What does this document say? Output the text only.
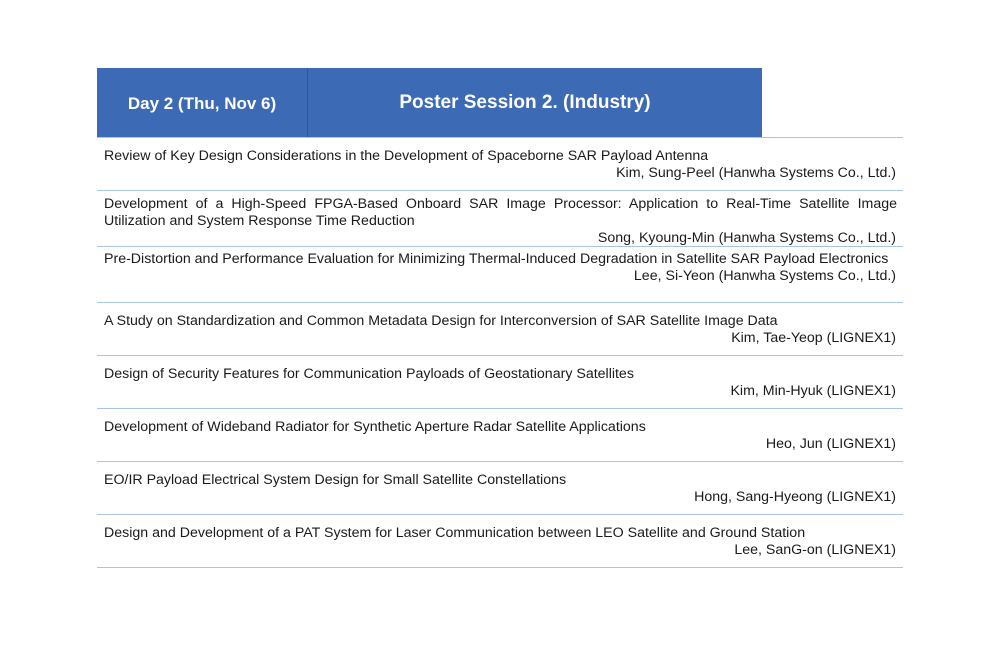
Day 2 (Thu, Nov 6)	Poster Session 2. (Industry)
Review of Key Design Considerations in the Development of Spaceborne SAR Payload Antenna
Kim, Sung-Peel (Hanwha Systems Co., Ltd.)
Development of a High-Speed FPGA-Based Onboard SAR Image Processor: Application to Real-Time Satellite Image Utilization and System Response Time Reduction
Song, Kyoung-Min (Hanwha Systems Co., Ltd.)
Pre-Distortion and Performance Evaluation for Minimizing Thermal-Induced Degradation in Satellite SAR Payload Electronics
Lee, Si-Yeon (Hanwha Systems Co., Ltd.)
A Study on Standardization and Common Metadata Design for Interconversion of SAR Satellite Image Data
Kim, Tae-Yeop (LIGNEX1)
Design of Security Features for Communication Payloads of Geostationary Satellites
Kim, Min-Hyuk (LIGNEX1)
Development of Wideband Radiator for Synthetic Aperture Radar Satellite Applications
Heo, Jun (LIGNEX1)
EO/IR Payload Electrical System Design for Small Satellite Constellations
Hong, Sang-Hyeong (LIGNEX1)
Design and Development of a PAT System for Laser Communication between LEO Satellite and Ground Station
Lee, SanG-on (LIGNEX1)
